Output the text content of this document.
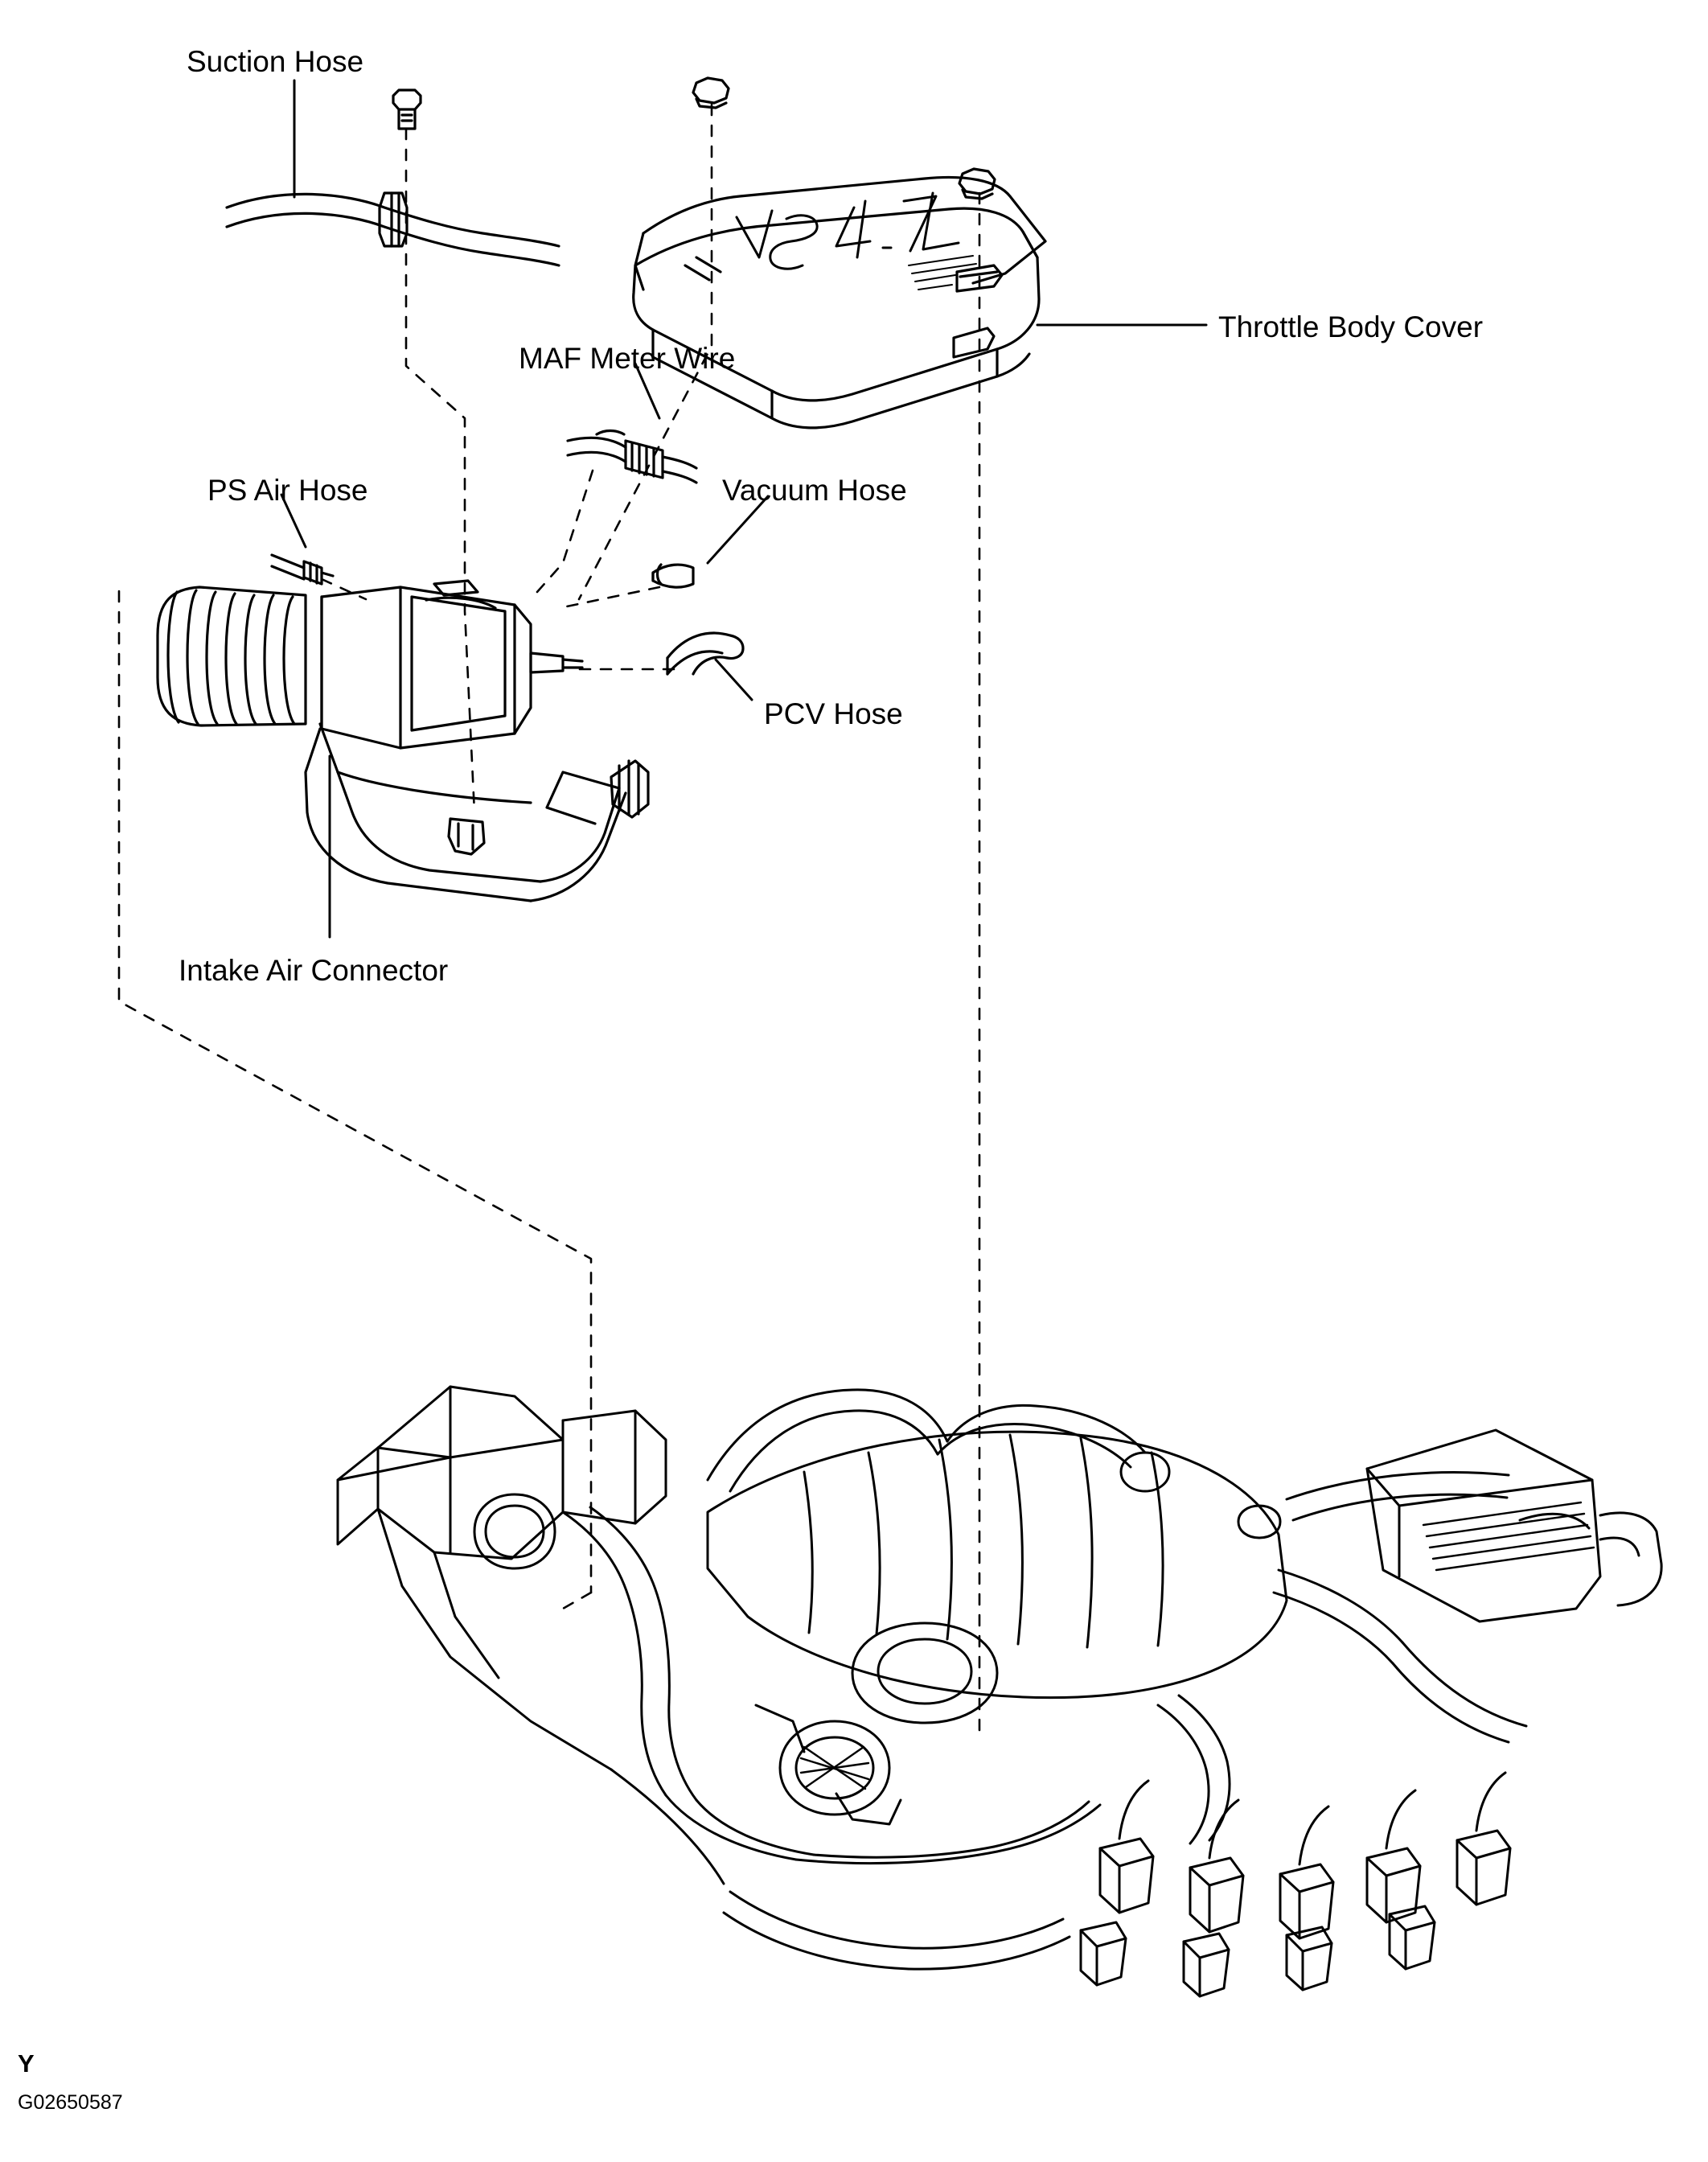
Suction Hose
MAF Meter Wire
Throttle Body Cover
PS Air Hose	Vacuum Hose
PCV Hose
Intake Air Connector
Y
G02650587
